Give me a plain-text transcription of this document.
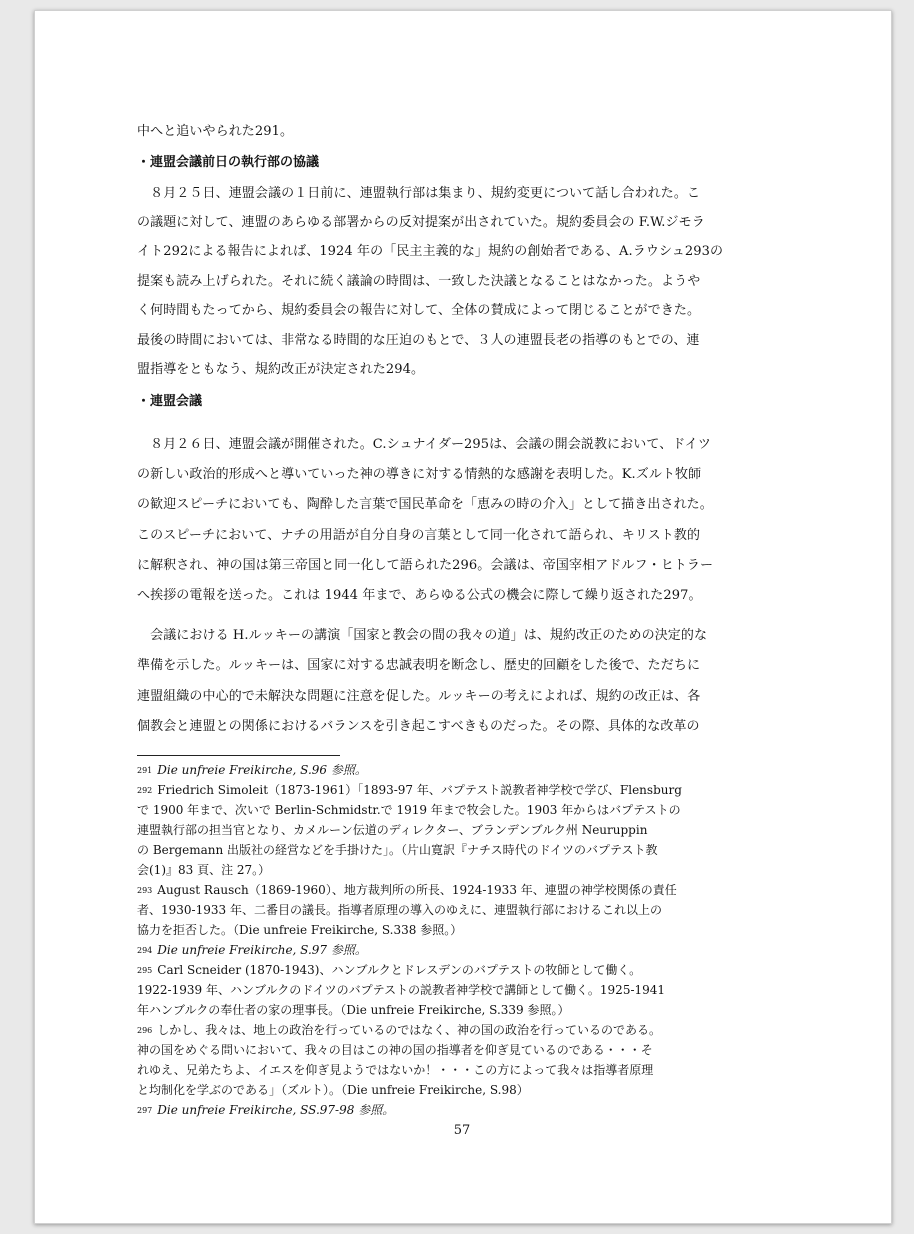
中へと追いやられた291。
・連盟会議前日の執行部の協議
　８月２５日、連盟会議の１日前に、連盟執行部は集まり、規約変更について話し合われた。こ
の議題に対して、連盟のあらゆる部署からの反対提案が出されていた。規約委員会の F.W.ジモラ
イト292による報告によれば、1924 年の「民主主義的な」規約の創始者である、A.ラウシュ293の
提案も読み上げられた。それに続く議論の時間は、一致した決議となることはなかった。ようや
く何時間もたってから、規約委員会の報告に対して、全体の賛成によって閉じることができた。
最後の時間においては、非常なる時間的な圧迫のもとで、３人の連盟長老の指導のもとでの、連
盟指導をともなう、規約改正が決定された294。
・連盟会議
　８月２６日、連盟会議が開催された。C.シュナイダー295は、会議の開会説教において、ドイツ
の新しい政治的形成へと導いていった神の導きに対する情熱的な感謝を表明した。K.ズルト牧師
の歓迎スピーチにおいても、陶酔した言葉で国民革命を「恵みの時の介入」として描き出された。
このスピーチにおいて、ナチの用語が自分自身の言葉として同一化されて語られ、キリスト教的
に解釈され、神の国は第三帝国と同一化して語られた296。会議は、帝国宰相アドルフ・ヒトラー
へ挨拶の電報を送った。これは 1944 年まで、あらゆる公式の機会に際して繰り返された297。
　会議における H.ルッキーの講演「国家と教会の間の我々の道」は、規約改正のための決定的な
準備を示した。ルッキーは、国家に対する忠誠表明を断念し、歴史的回顧をした後で、ただちに
連盟組織の中心的で未解決な問題に注意を促した。ルッキーの考えによれば、規約の改正は、各
個教会と連盟との関係におけるバランスを引き起こすべきものだった。その際、具体的な改革の
291 Die unfreie Freikirche, S.96 参照。
292 Friedrich Simoleit（1873-1961）「1893-97 年、バプテスト説教者神学校で学び、Flensburg
で 1900 年まで、次いで Berlin-Schmidstr.で 1919 年まで牧会した。1903 年からはバプテストの
連盟執行部の担当官となり、カメルーン伝道のディレクター、ブランデンブルク州 Neuruppin
の Bergemann 出版社の経営などを手掛けた」。（片山寛訳『ナチス時代のドイツのバプテスト教
会(1)』83 頁、注 27。）
293 August Rausch（1869-1960）、地方裁判所の所長、1924-1933 年、連盟の神学校関係の責任
者、1930-1933 年、二番目の議長。指導者原理の導入のゆえに、連盟執行部におけるこれ以上の
協力を拒否した。（Die unfreie Freikirche, S.338 参照。）
294 Die unfreie Freikirche, S.97 参照。
295 Carl Scneider (1870-1943)、ハンブルクとドレスデンのバプテストの牧師として働く。
1922-1939 年、ハンブルクのドイツのバプテストの説教者神学校で講師として働く。1925-1941
年ハンブルクの奉仕者の家の理事長。（Die unfreie Freikirche, S.339 参照。）
296 しかし、我々は、地上の政治を行っているのではなく、神の国の政治を行っているのである。
神の国をめぐる問いにおいて、我々の目はこの神の国の指導者を仰ぎ見ているのである・・・そ
れゆえ、兄弟たちよ、イエスを仰ぎ見ようではないか！・・・この方によって我々は指導者原理
と均制化を学ぶのである」（ズルト）。（Die unfreie Freikirche, S.98）
297 Die unfreie Freikirche, SS.97-98 参照。
57
